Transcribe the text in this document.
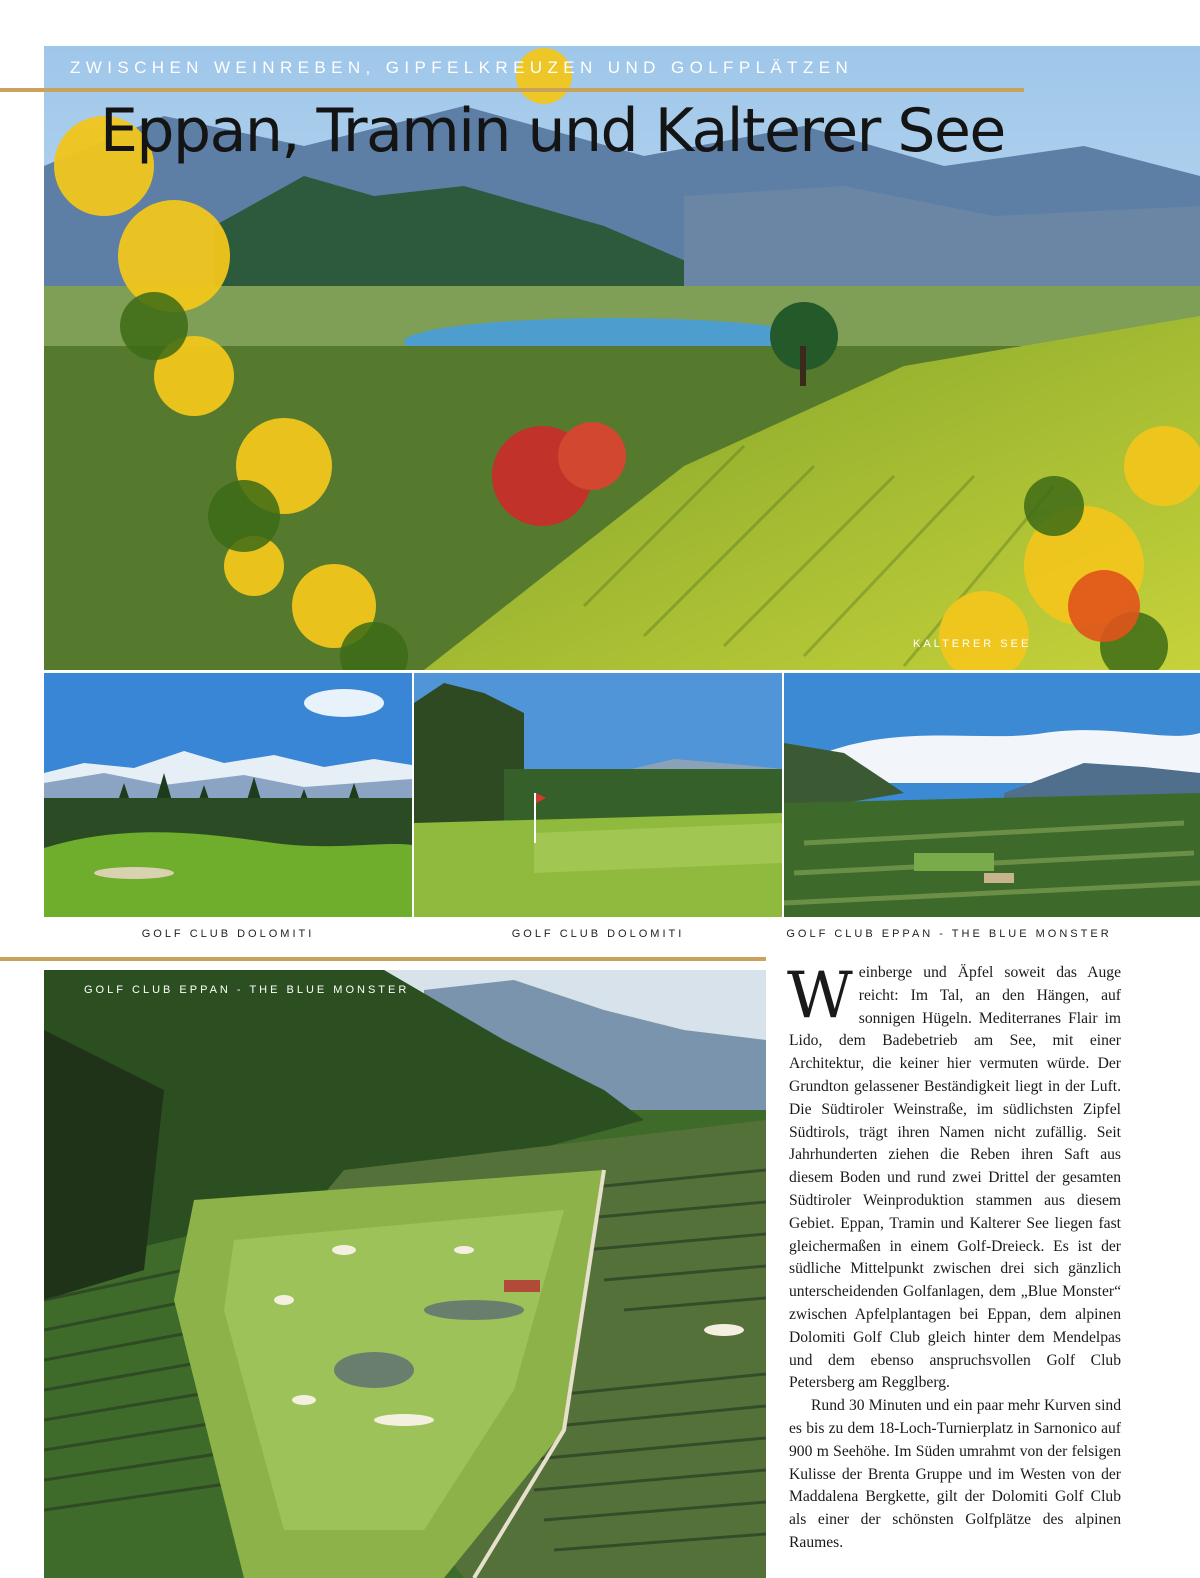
ZWISCHEN WEINREBEN, GIPFELKREUZEN UND GOLFPLÄTZEN

Eppan, Tramin und Kalterer See
KALTERER SEE
GOLF CLUB DOLOMITI	GOLF CLUB DOLOMITI	GOLF CLUB EPPAN - THE BLUE MONSTER
GOLF CLUB EPPAN - THE BLUE MONSTER	Weinberge und Äpfel soweit das Auge reicht: Im Tal, an den Hängen, auf sonnigen Hügeln. Mediterranes Flair im Lido, dem Badebetrieb am See, mit einer Architektur, die keiner hier vermuten würde. Der Grundton gelassener Beständigkeit liegt in der Luft. Die Südtiroler Weinstraße, im südlichsten Zipfel Südtirols, trägt ihren Namen nicht zufällig. Seit Jahrhunderten ziehen die Reben ihren Saft aus diesem Boden und rund zwei Drittel der gesamten Südtiroler Weinproduktion stammen aus diesem Gebiet. Eppan, Tramin und Kalterer See liegen fast gleichermaßen in einem Golf-Dreieck. Es ist der südliche Mittelpunkt zwischen drei sich gänzlich unterscheidenden Golfanlagen, dem „Blue Monster“ zwischen Apfelplantagen bei Eppan, dem alpinen Dolomiti Golf Club gleich hinter dem Mendelpas und dem ebenso anspruchsvollen Golf Club Petersberg am Regglberg.

Rund 30 Minuten und ein paar mehr Kurven sind es bis zu dem 18-Loch-Turnierplatz in Sarnonico auf 900 m Seehöhe. Im Süden umrahmt von der felsigen Kulisse der Brenta Gruppe und im Westen von der Maddalena Bergkette, gilt der Dolomiti Golf Club als einer der schönsten Golfplätze des alpinen Raumes.
